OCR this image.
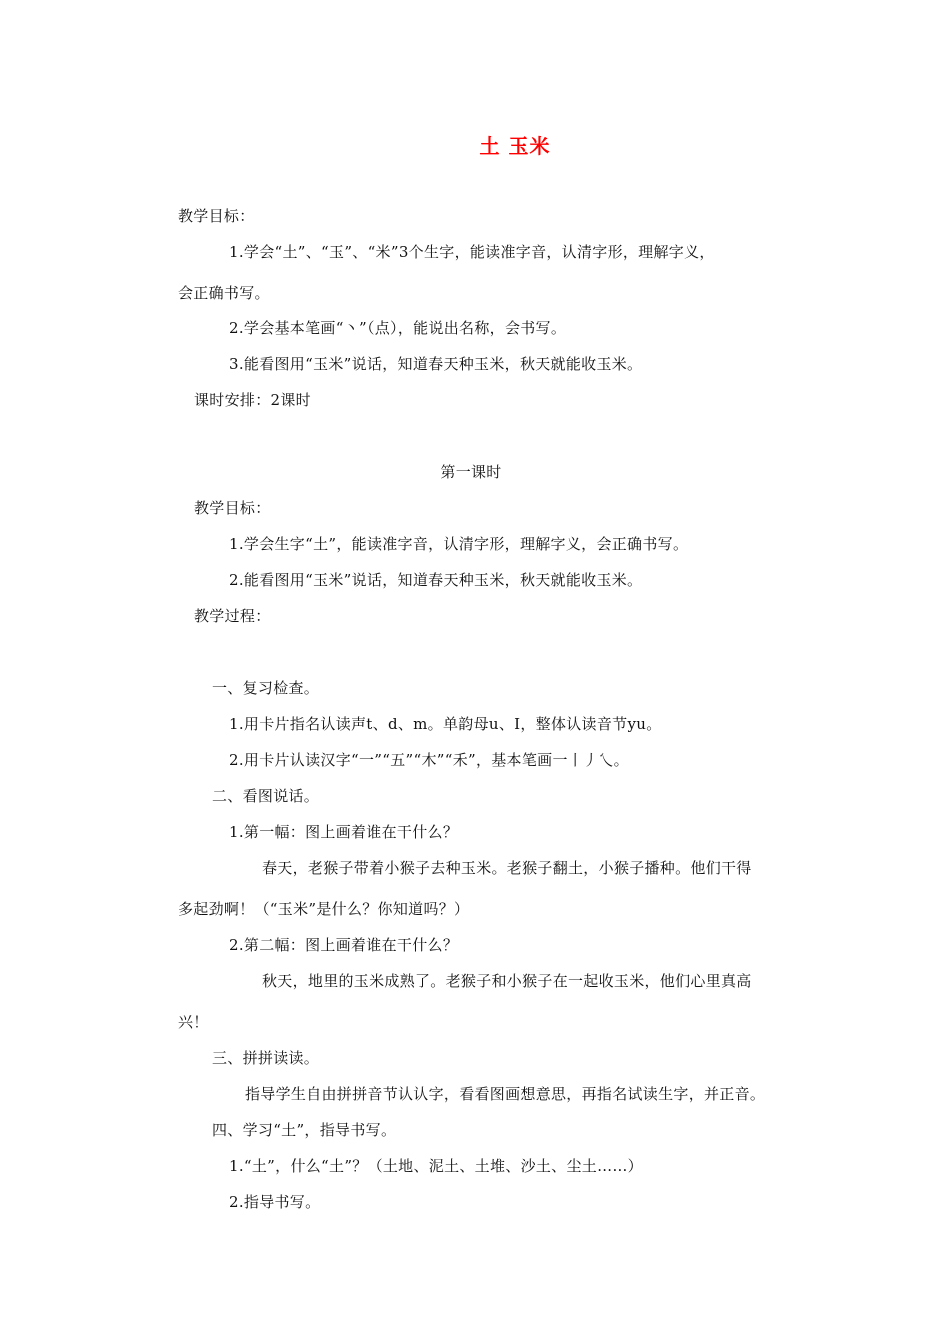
土 玉米
教学目标：
1.学会“土”、“玉”、“米”3个生字，能读准字音，认清字形，理解字义，
会正确书写。
2.学会基本笔画“丶”（点），能说出名称，会书写。
3.能看图用“玉米”说话，知道春天种玉米，秋天就能收玉米。
课时安排：2课时
第一课时
教学目标：
1.学会生字“土”，能读准字音，认清字形，理解字义，会正确书写。
2.能看图用“玉米”说话，知道春天种玉米，秋天就能收玉米。
教学过程：
一、复习检查。
1.用卡片指名认读声t、d、m。单韵母u、I，整体认读音节yu。
2.用卡片认读汉字“一”“五”“木”“禾”，基本笔画一丨丿乀。
二、看图说话。
1.第一幅：图上画着谁在干什么？
春天，老猴子带着小猴子去种玉米。老猴子翻土，小猴子播种。他们干得
多起劲啊！（“玉米”是什么？你知道吗？）
2.第二幅：图上画着谁在干什么？
秋天，地里的玉米成熟了。老猴子和小猴子在一起收玉米，他们心里真高
兴！
三、拼拼读读。
指导学生自由拼拼音节认认字，看看图画想意思，再指名试读生字，并正音。
四、学习“土”，指导书写。
1.“土”，什么“土”？（土地、泥土、土堆、沙土、尘土……）
2.指导书写。
